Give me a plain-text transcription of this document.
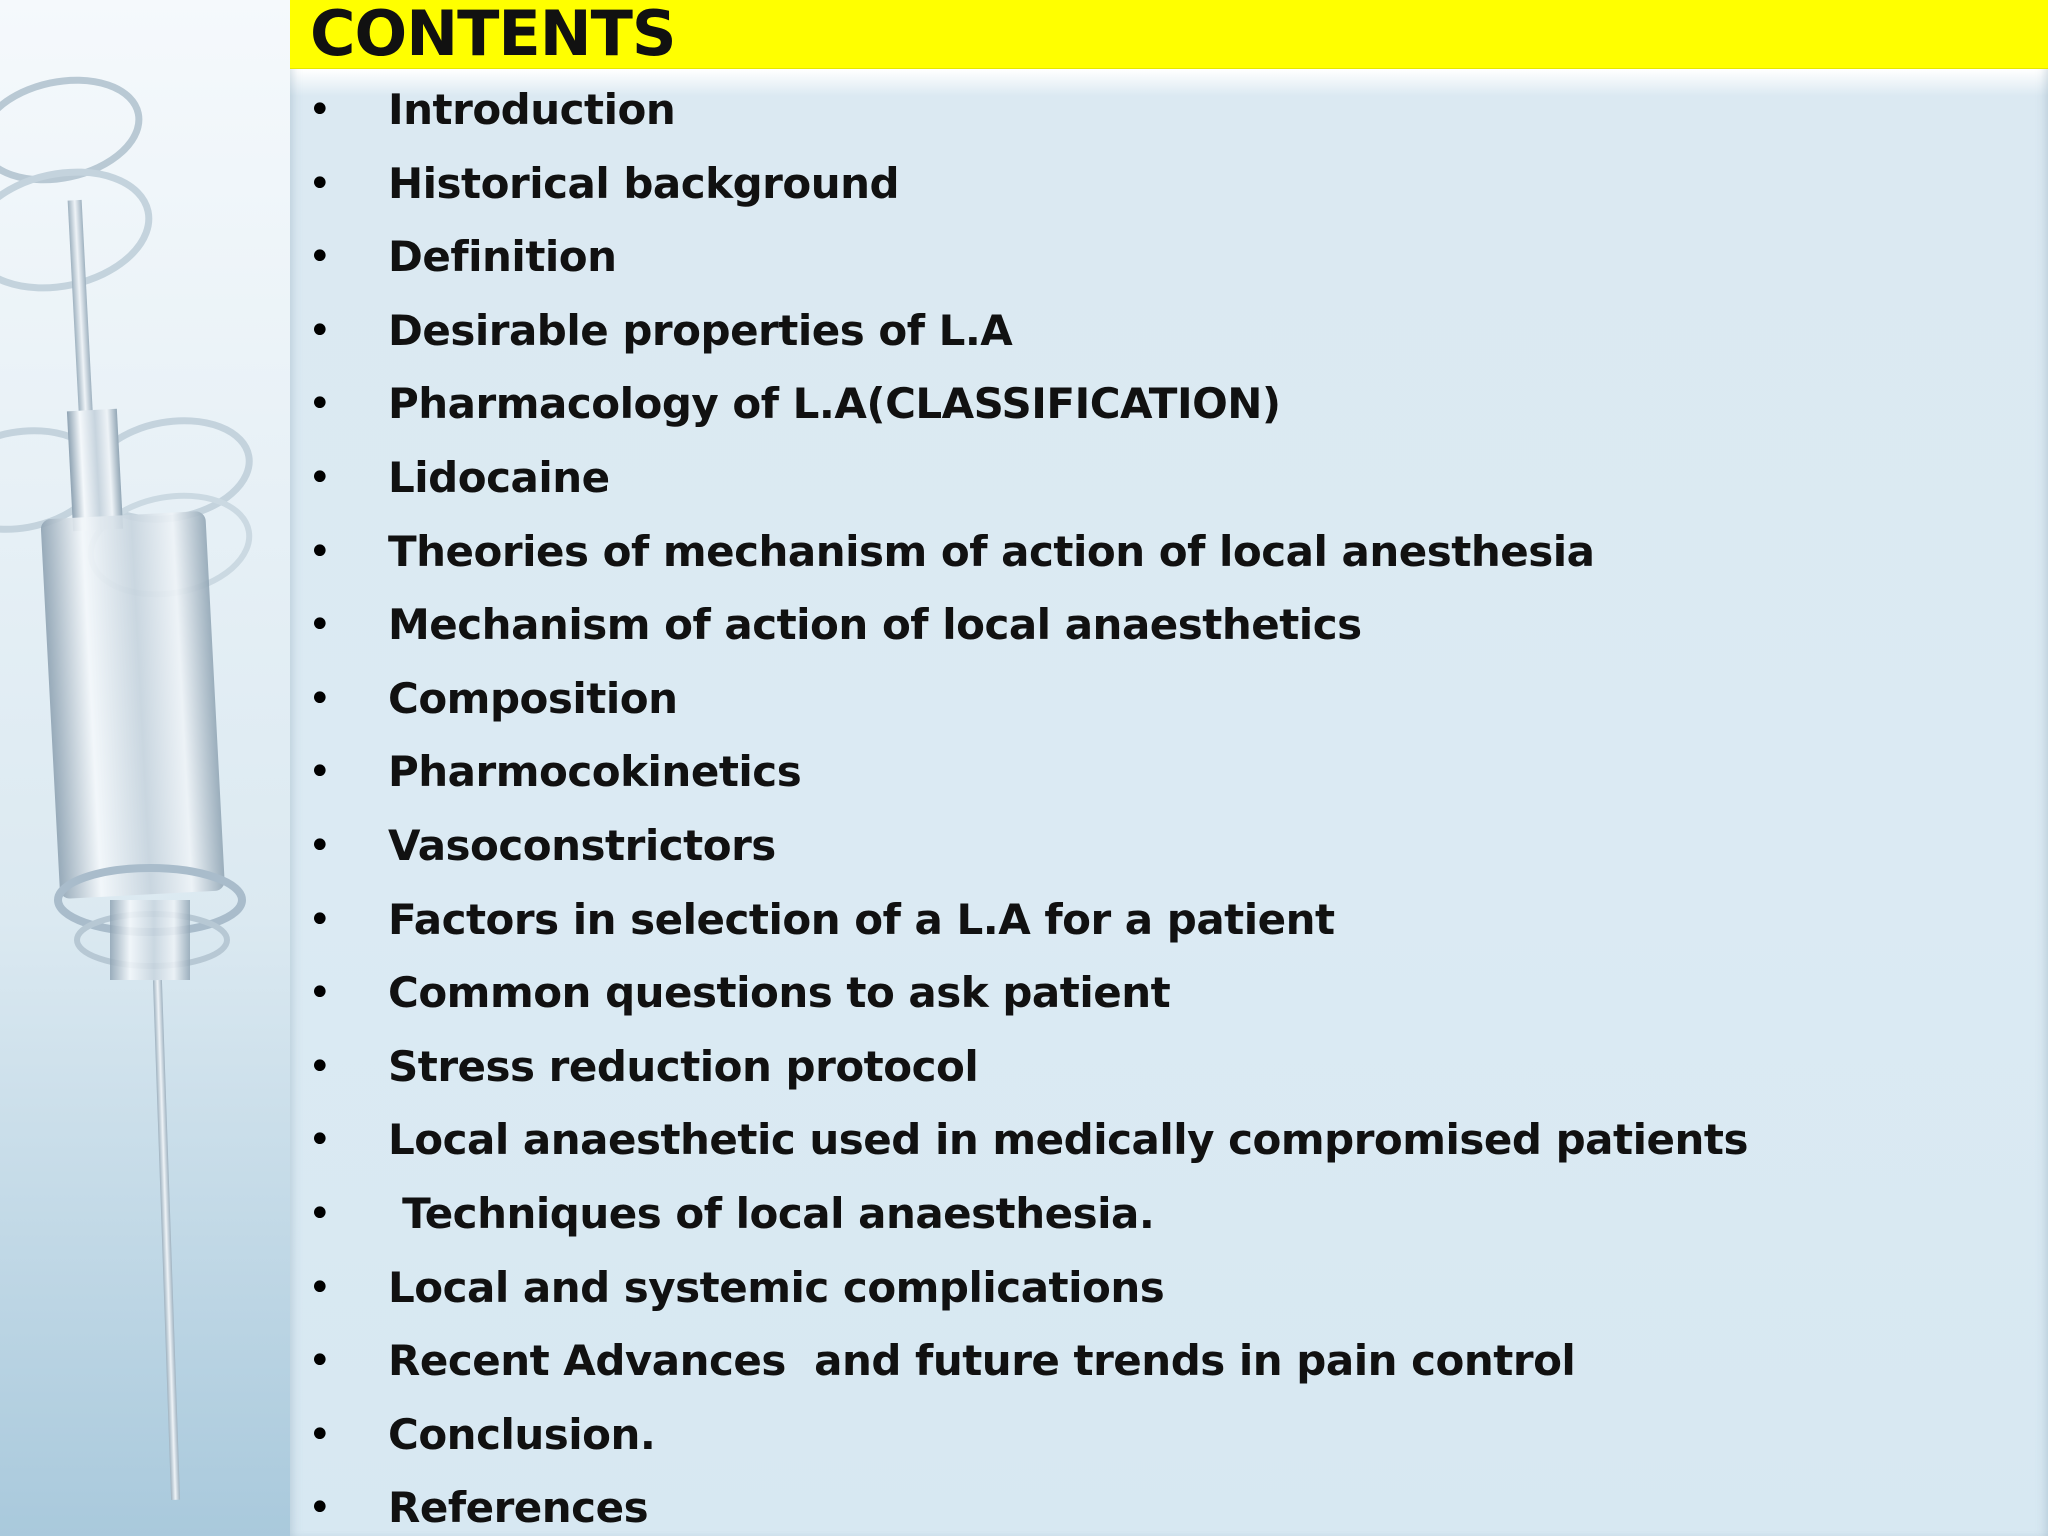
CONTENTS
• Introduction
• Historical background
• Definition
• Desirable properties of L.A
• Pharmacology of L.A(CLASSIFICATION)
• Lidocaine
• Theories of mechanism of action of local anesthesia
• Mechanism of action of local anaesthetics
• Composition
• Pharmocokinetics
• Vasoconstrictors
• Factors in selection of a L.A for a patient
• Common questions to ask patient
• Stress reduction protocol
• Local anaesthetic used in medically compromised patients
• Techniques of local anaesthesia.
• Local and systemic complications
• Recent Advances  and future trends in pain control
• Conclusion.
• References
